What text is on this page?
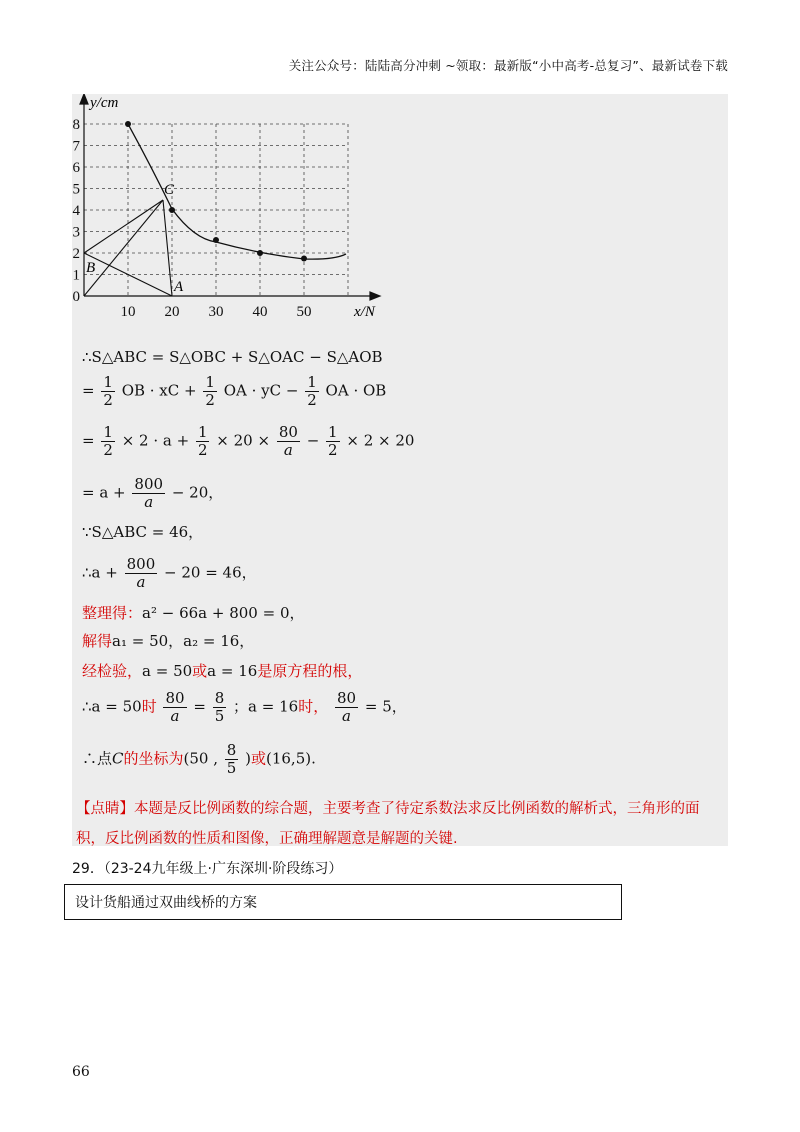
关注公众号：陆陆高分冲刺 ~领取：最新版“小中高考-总复习”、最新试卷下载
0
1
2
3
4
5
6
7
8
10 20 30 40 50
y/cm
x/N
C
B
A
∴S△ABC = S△OBC + S△OAC − S△AOB
= $\frac{1}{2}$ OB · xC + $\frac{1}{2}$ OA · yC − $\frac{1}{2}$ OA · OB
= $\frac{1}{2} \times 2 \cdot a + \frac{1}{2} \times 20 \times \frac{80}{a} - \frac{1}{2} \times 2 \times 20$
= $a + \frac{800}{a} - 20$，
∵S△ABC = 46，
∴a + $\frac{800}{a} - 20 = 46$，
整理得：a² − 66a + 800 = 0，
解得a₁ = 50，a₂ = 16，
经检验，a = 50或a = 16是原方程的根，
∴a = 50时 $\frac{80}{a} = \frac{8}{5}$ ；a = 16时， $\frac{80}{a} = 5$，
∴点C的坐标为(50 , $\frac{8}{5}$ )或(16,5).
【点睛】本题是反比例函数的综合题，主要考查了待定系数法求反比例函数的解析式，三角形的面积，反比例函数的性质和图像，正确理解题意是解题的关键.
29．（23-24九年级上·广东深圳·阶段练习）
设计货船通过双曲线桥的方案
66
